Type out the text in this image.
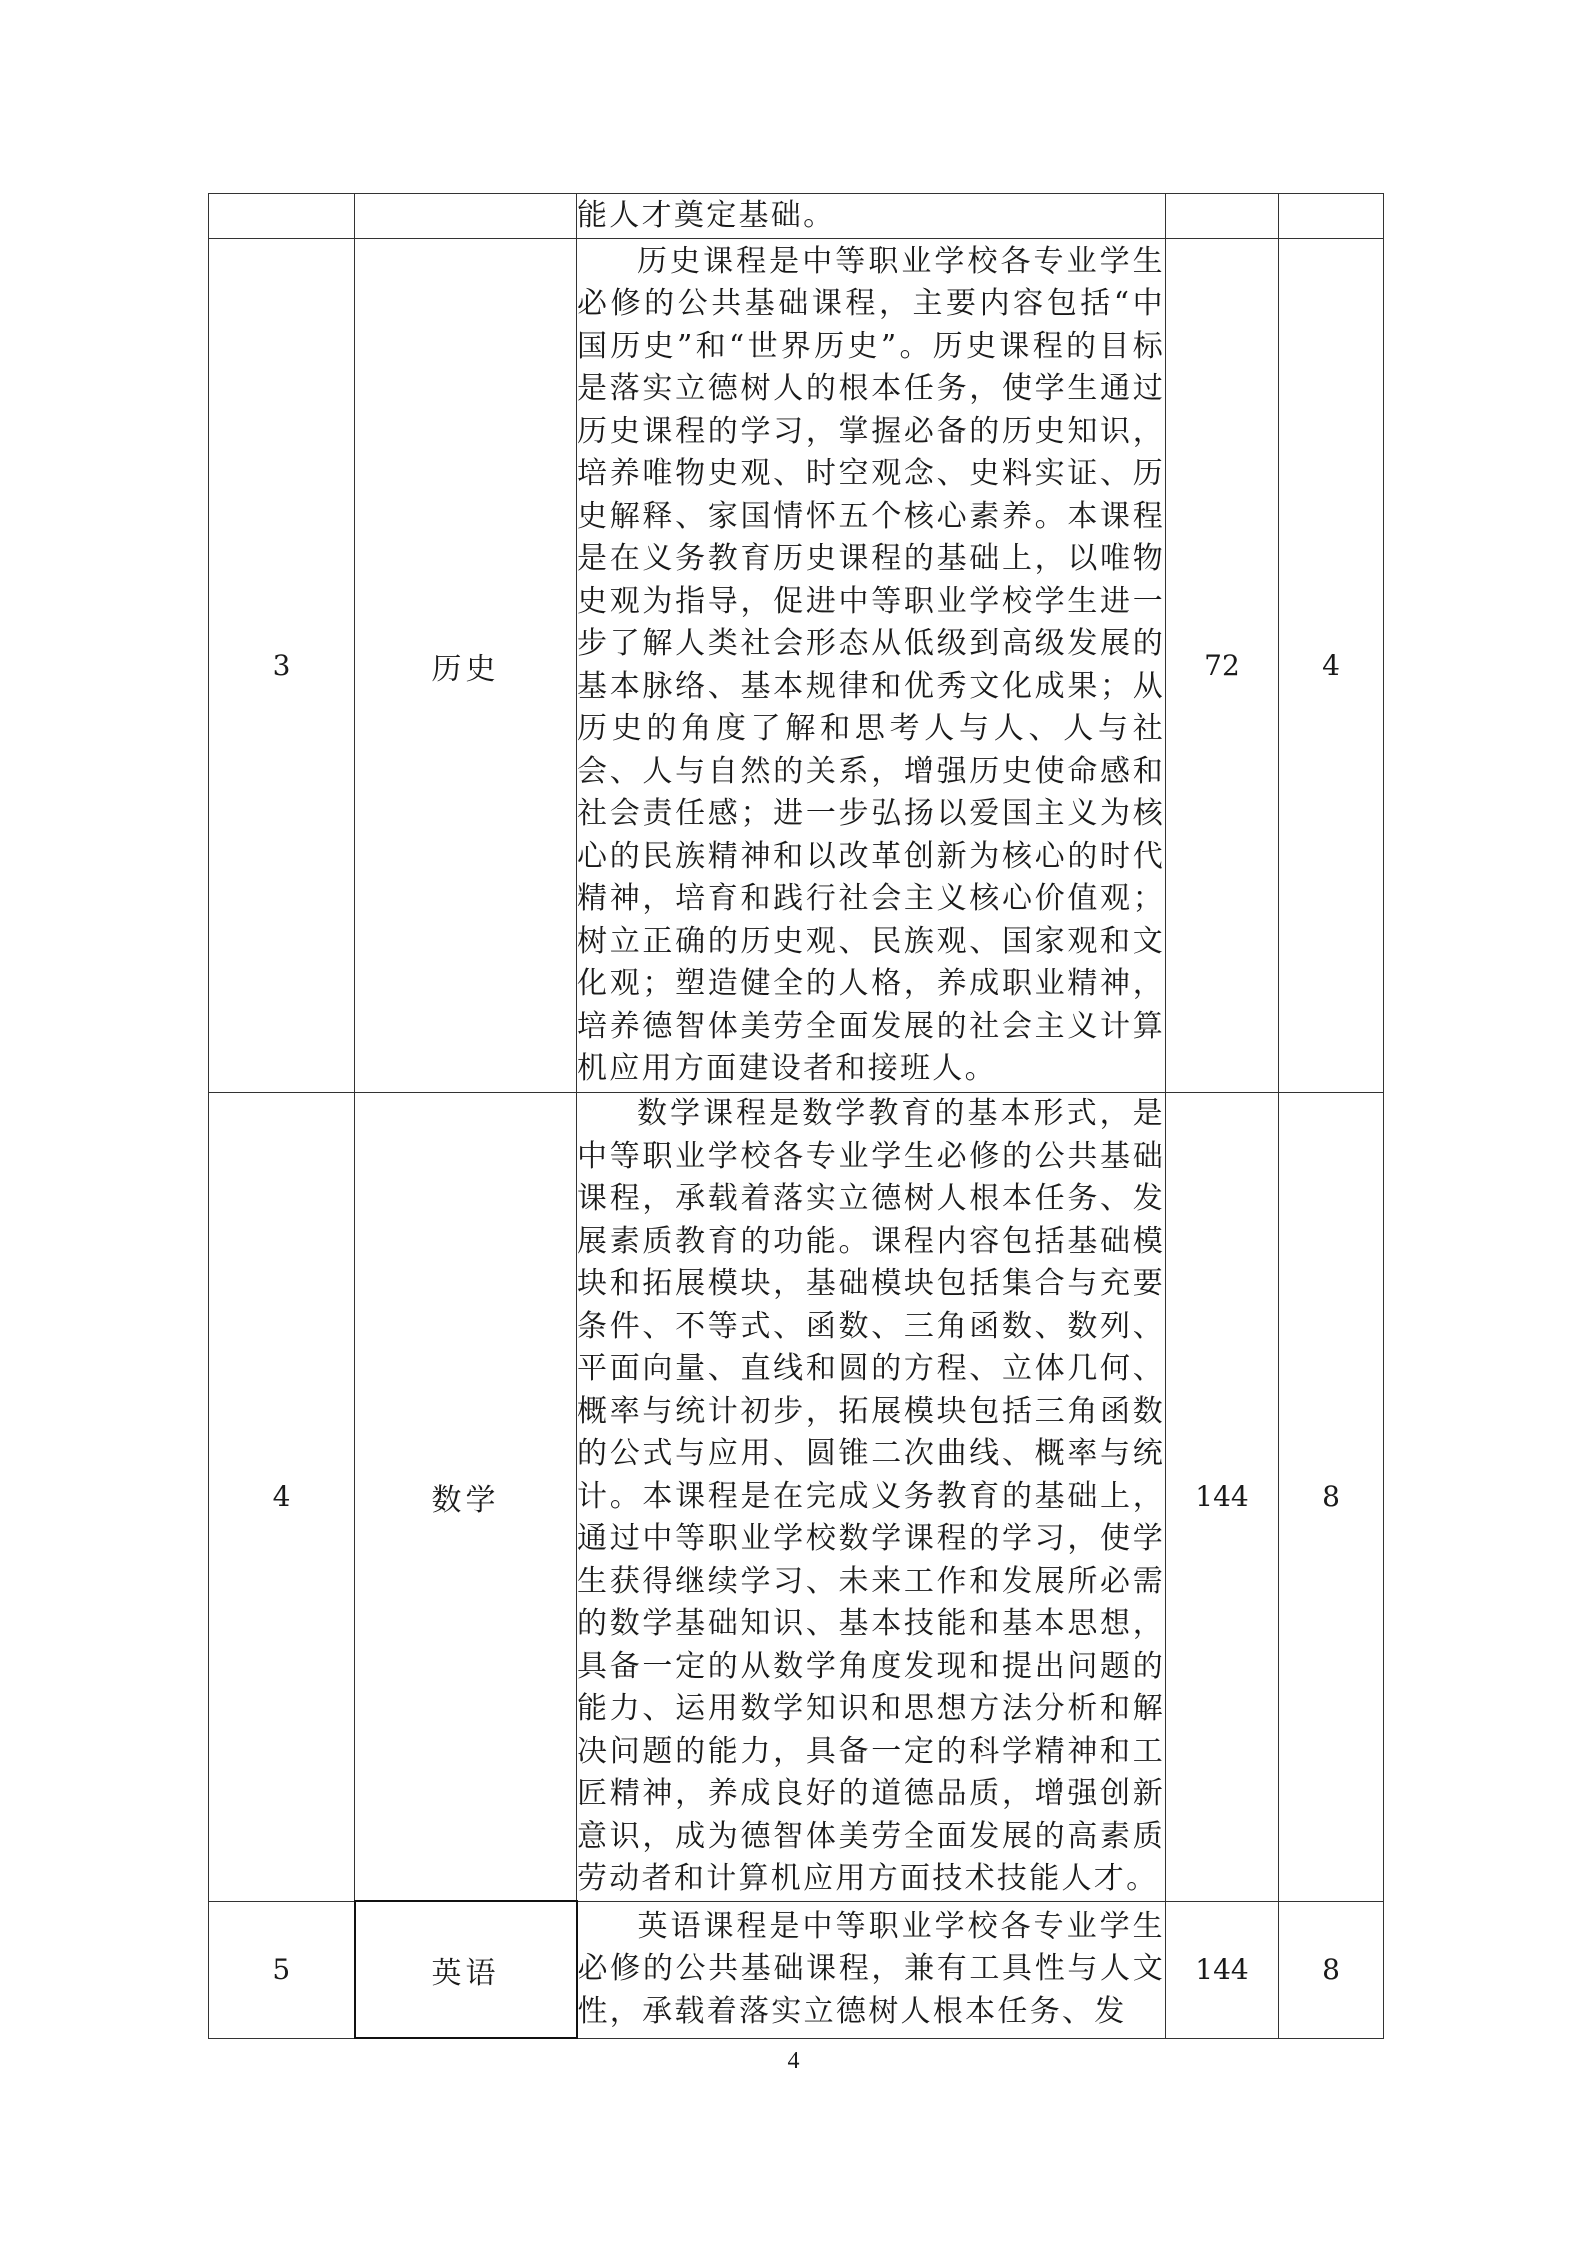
		能人才奠定基础。		

3	历史	历史课程是中等职业学校各专业学生必修的公共基础课程，主要内容包括“中国历史”和“世界历史”。历史课程的目标是落实立德树人的根本任务，使学生通过历史课程的学习，掌握必备的历史知识，培养唯物史观、时空观念、史料实证、历史解释、家国情怀五个核心素养。本课程是在义务教育历史课程的基础上，以唯物史观为指导，促进中等职业学校学生进一步了解人类社会形态从低级到高级发展的基本脉络、基本规律和优秀文化成果；从历史的角度了解和思考人与人、人与社会、人与自然的关系，增强历史使命感和社会责任感；进一步弘扬以爱国主义为核心的民族精神和以改革创新为核心的时代精神，培育和践行社会主义核心价值观；树立正确的历史观、民族观、国家观和文化观；塑造健全的人格，养成职业精神，培养德智体美劳全面发展的社会主义计算机应用方面建设者和接班人。	72	4
4	数学	数学课程是数学教育的基本形式，是中等职业学校各专业学生必修的公共基础课程，承载着落实立德树人根本任务、发展素质教育的功能。课程内容包括基础模块和拓展模块，基础模块包括集合与充要条件、不等式、函数、三角函数、数列、平面向量、直线和圆的方程、立体几何、概率与统计初步，拓展模块包括三角函数的公式与应用、圆锥二次曲线、概率与统计。本课程是在完成义务教育的基础上，通过中等职业学校数学课程的学习，使学生获得继续学习、未来工作和发展所必需的数学基础知识、基本技能和基本思想，具备一定的从数学角度发现和提出问题的能力、运用数学知识和思想方法分析和解决问题的能力，具备一定的科学精神和工匠精神，养成良好的道德品质，增强创新意识，成为德智体美劳全面发展的高素质劳动者和计算机应用方面技术技能人才。	144	8
5	英语	英语课程是中等职业学校各专业学生必修的公共基础课程，兼有工具性与人文性，承载着落实立德树人根本任务、发	144	8
4
